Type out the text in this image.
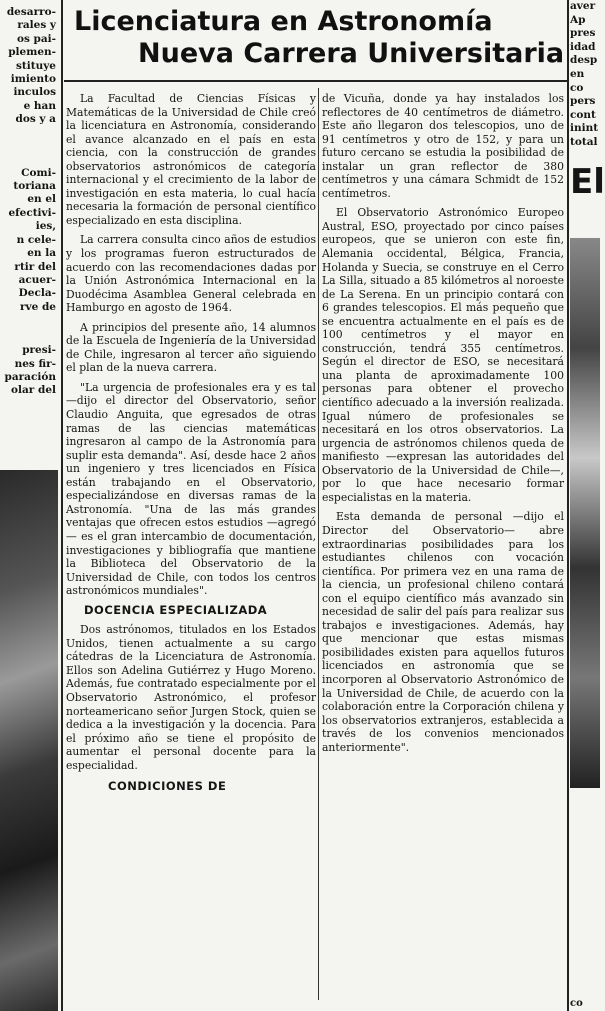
desarro-

rales y

os pai-

plemen-

stituye

imiento

inculos

e han

dos y a

Comi-

toriana

en el

efectivi-

ies,

n cele-

en la

rtir del

acuer-

Decla-

rve de

presi-

nes fir-

paración

olar del

Licenciatura en Astronomía
Nueva Carrera Universitaria

La Facultad de Ciencias Físicas y Matemáticas de la Universidad de Chile creó la licenciatura en Astronomía, considerando el avance alcanzado en el país en esta ciencia, con la construcción de grandes observatorios astronómicos de categoría internacional y el crecimiento de la labor de investigación en esta materia, lo cual hacía necesaria la formación de personal científico especializado en esta disciplina.

La carrera consulta cinco años de estudios y los programas fueron estructurados de acuerdo con las recomendaciones dadas por la Unión Astronómica Internacional en la Duodécima Asamblea General celebrada en Hamburgo en agosto de 1964.

A principios del presente año, 14 alumnos de la Escuela de Ingeniería de la Universidad de Chile, ingresaron al tercer año siguiendo el plan de la nueva carrera.

"La urgencia de profesionales era y es tal —dijo el director del Observatorio, señor Claudio Anguita, que egresados de otras ramas de las ciencias matemáticas ingresaron al campo de la Astronomía para suplir esta demanda". Así, desde hace 2 años un ingeniero y tres licenciados en Física están trabajando en el Observatorio, especializándose en diversas ramas de la Astronomía. "Una de las más grandes ventajas que ofrecen estos estudios —agregó— es el gran intercambio de documentación, investigaciones y bibliografía que mantiene la Biblioteca del Observatorio de la Universidad de Chile, con todos los centros astronómicos mundiales".

DOCENCIA ESPECIALIZADA

Dos astrónomos, titulados en los Estados Unidos, tienen actualmente a su cargo cátedras de la Licenciatura de Astronomía. Ellos son Adelina Gutiérrez y Hugo Moreno. Además, fue contratado especialmente por el Observatorio Astronómico, el profesor norteamericano señor Jurgen Stock, quien se dedica a la investigación y la docencia. Para el próximo año se tiene el propósito de aumentar el personal docente para la especialidad.

CONDICIONES DE

de Vicuña, donde ya hay instalados los reflectores de 40 centímetros de diámetro. Este año llegaron dos telescopios, uno de 91 centímetros y otro de 152, y para un futuro cercano se estudia la posibilidad de instalar un gran reflector de 380 centímetros y una cámara Schmidt de 152 centímetros.

El Observatorio Astronómico Europeo Austral, ESO, proyectado por cinco países europeos, que se unieron con este fin, Alemania occidental, Bélgica, Francia, Holanda y Suecia, se construye en el Cerro La Silla, situado a 85 kilómetros al noroeste de La Serena. En un principio contará con 6 grandes telescopios. El más pequeño que se encuentra actualmente en el país es de 100 centímetros y el mayor en construcción, tendrá 355 centímetros. Según el director de ESO, se necesitará una planta de aproximadamente 100 personas para obtener el provecho científico adecuado a la inversión realizada. Igual número de profesionales se necesitará en los otros observatorios. La urgencia de astrónomos chilenos queda de manifiesto —expresan las autoridades del Observatorio de la Universidad de Chile—, por lo que hace necesario formar especialistas en la materia.

Esta demanda de personal —dijo el Director del Observatorio— abre extraordinarias posibilidades para los estudiantes chilenos con vocación científica. Por primera vez en una rama de la ciencia, un profesional chileno contará con el equipo científico más avanzado sin necesidad de salir del país para realizar sus trabajos e investigaciones. Además, hay que mencionar que estas mismas posibilidades existen para aquellos futuros licenciados en astronomía que se incorporen al Observatorio Astronómico de la Universidad de Chile, de acuerdo con la colaboración entre la Corporación chilena y los observatorios extranjeros, establecida a través de los convenios mencionados anteriormente".

aver

Ap

pres

idad

desp

en

co

pers

cont

inint

total

El
co
